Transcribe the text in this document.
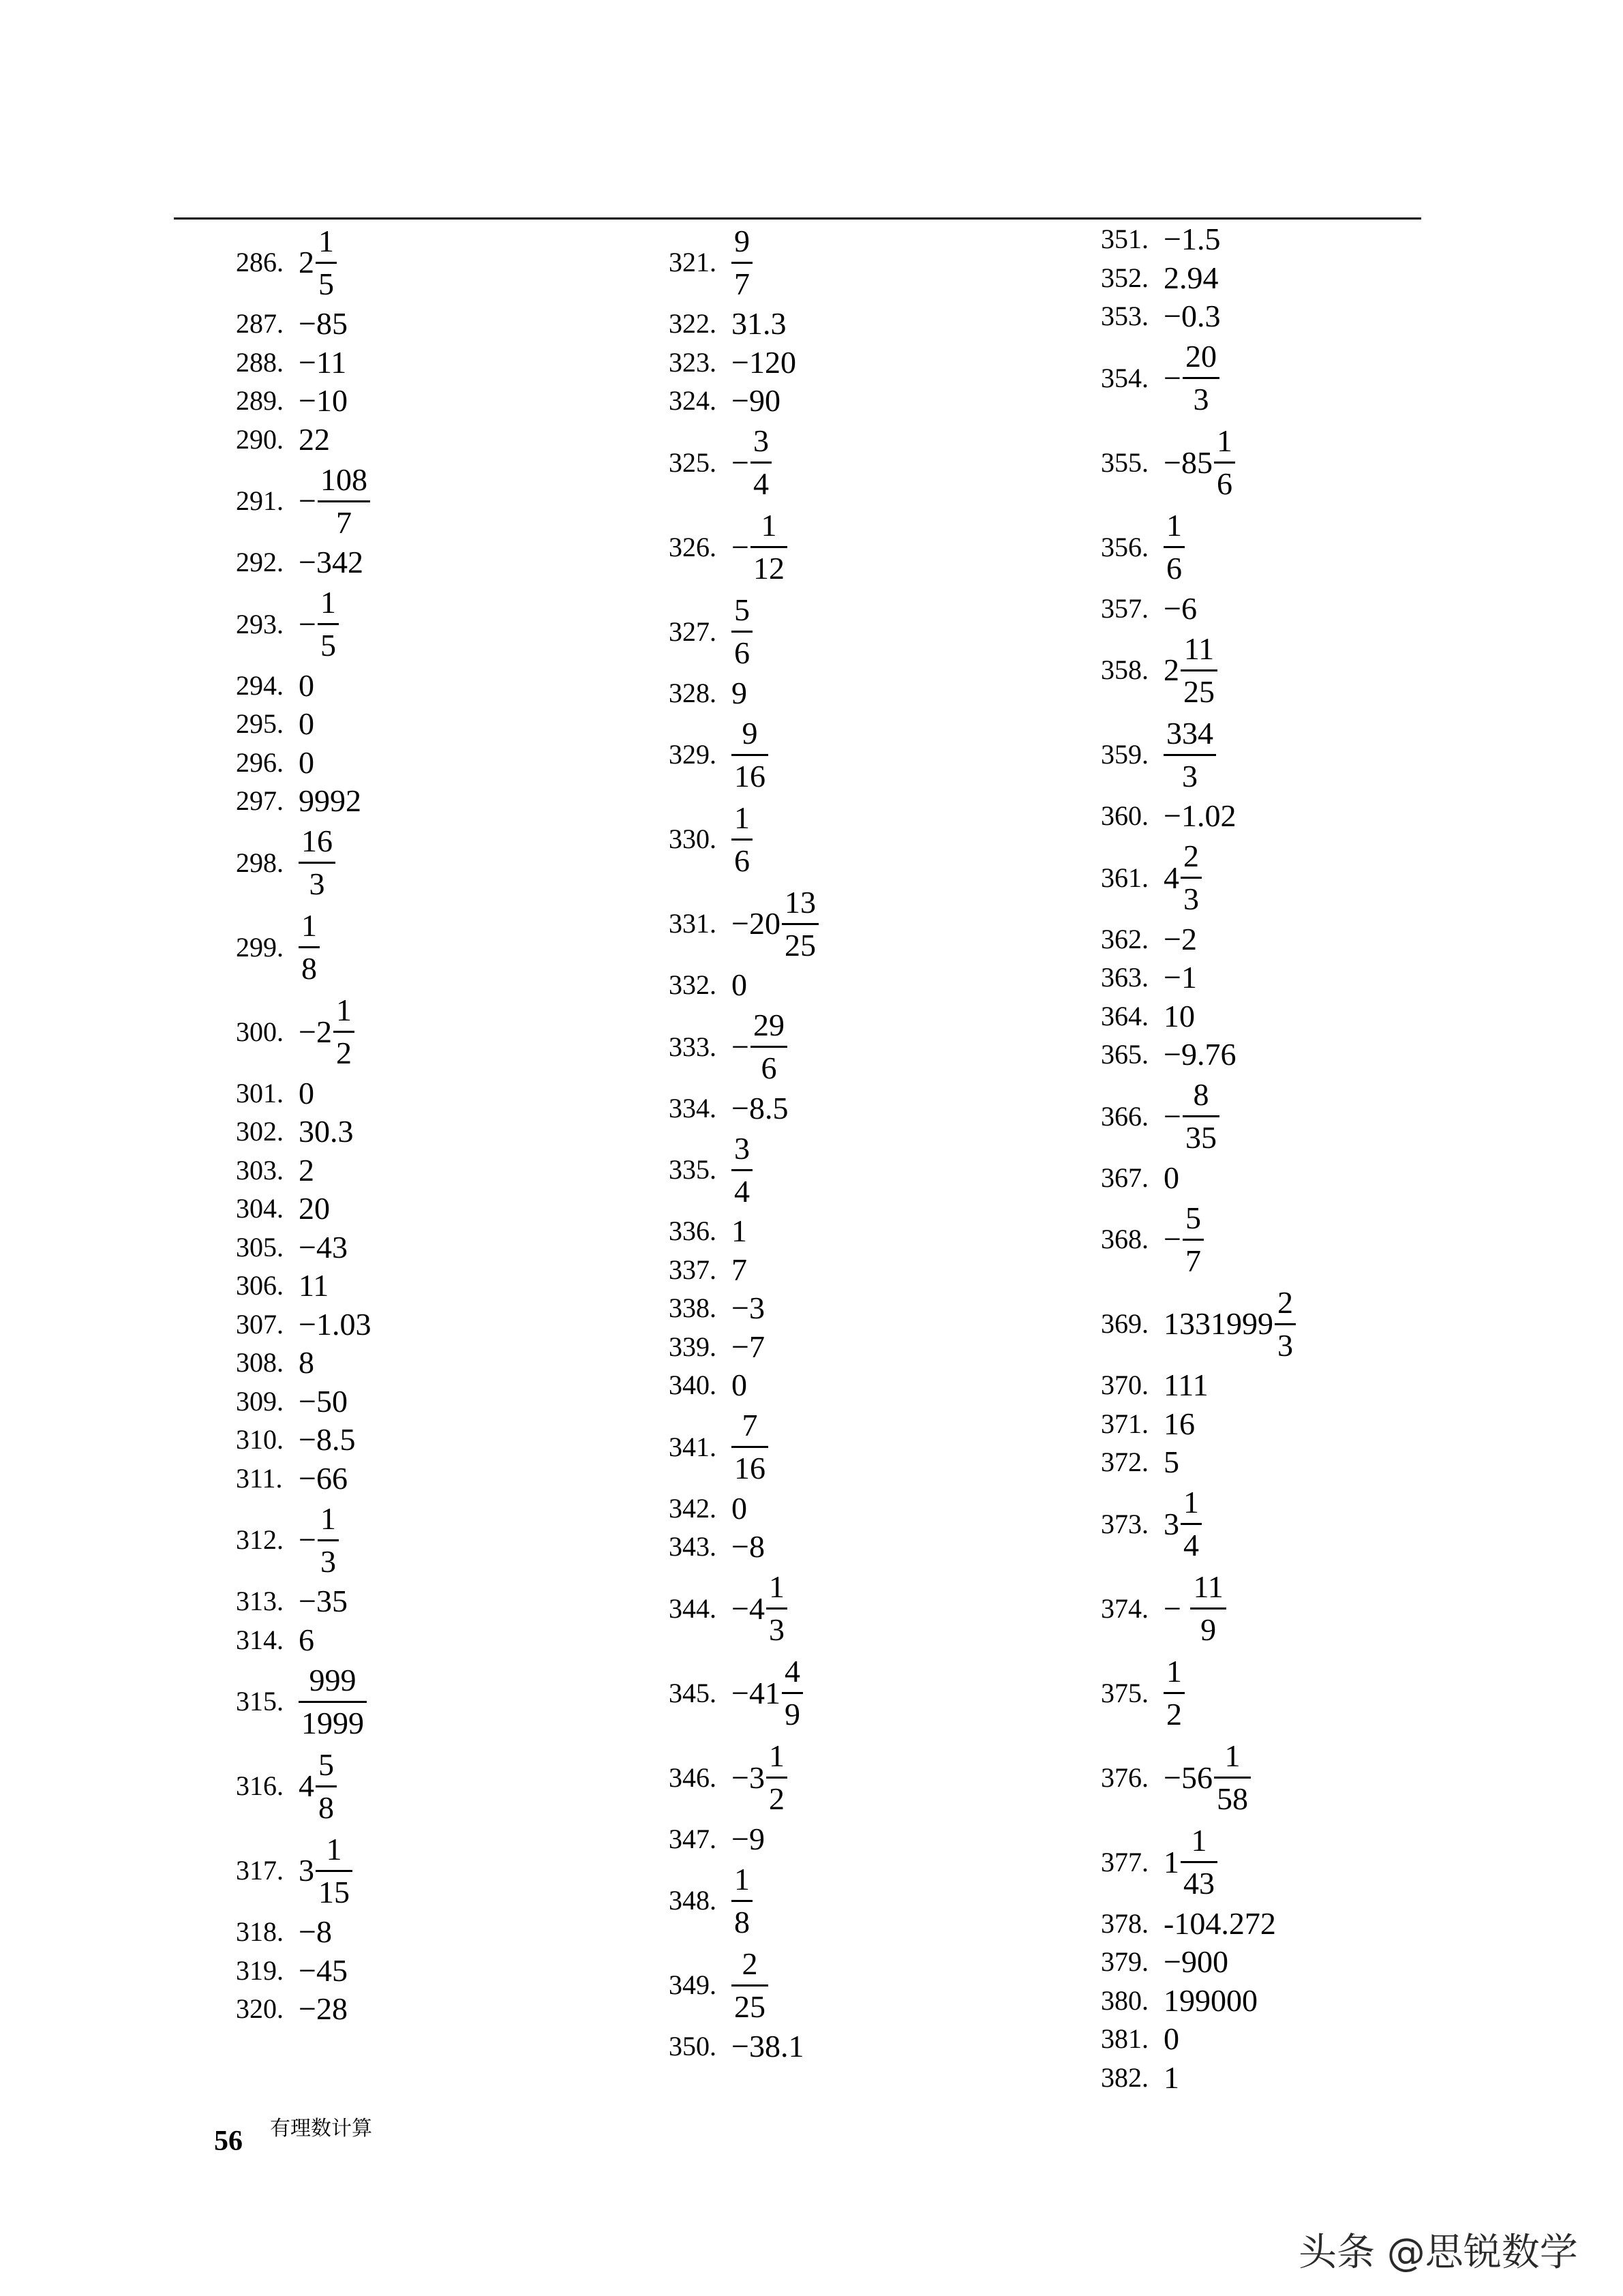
286. $2 \frac{1}{5}$
287. −85
288. −11
289. −10
290. 22
291. − $\frac{108}{7}$
292. −342
293. − $\frac{1}{5}$
294. 0
295. 0
296. 0
297. 9992
298. $\frac{16}{3}$
299. $\frac{1}{8}$
300. $-2 \frac{1}{2}$
301. 0
302. 30.3
303. 2
304. 20
305. −43
306. 11
307. −1.03
308. 8
309. −50
310. −8.5
311. −66
312. − $\frac{1}{3}$
313. −35
314. 6
315. $\frac{999}{1999}$
316. $4 \frac{5}{8}$
317. $3 \frac{1}{15}$
318. −8
319. −45
320. −28
321. $\frac{9}{7}$
322. 31.3
323. −120
324. −90
325. − $\frac{3}{4}$
326. − $\frac{1}{12}$
327. $\frac{5}{6}$
328. 9
329. $\frac{9}{16}$
330. $\frac{1}{6}$
331. $-20 \frac{13}{25}$
332. 0
333. − $\frac{29}{6}$
334. −8.5
335. $\frac{3}{4}$
336. 1
337. 7
338. −3
339. −7
340. 0
341. $\frac{7}{16}$
342. 0
343. −8
344. $-4 \frac{1}{3}$
345. $-41 \frac{4}{9}$
346. $-3 \frac{1}{2}$
347. −9
348. $\frac{1}{8}$
349. $\frac{2}{25}$
350. −38.1
351. −1.5
352. 2.94
353. −0.3
354. − $\frac{20}{3}$
355. $-85 \frac{1}{6}$
356. $\frac{1}{6}$
357. −6
358. $2 \frac{11}{25}$
359. $\frac{334}{3}$
360. −1.02
361. $4 \frac{2}{3}$
362. −2
363. −1
364. 10
365. −9.76
366. − $\frac{8}{35}$
367. 0
368. − $\frac{5}{7}$
369. $1331999 \frac{2}{3}$
370. 111
371. 16
372. 5
373. $3 \frac{1}{4}$
374. − $\frac{11}{9}$
375. $\frac{1}{2}$
376. $-56 \frac{1}{58}$
377. $1 \frac{1}{43}$
378. -104.272
379. −900
380. 199000
381. 0
382. 1
56 有理数计算
头条 @思锐数学
